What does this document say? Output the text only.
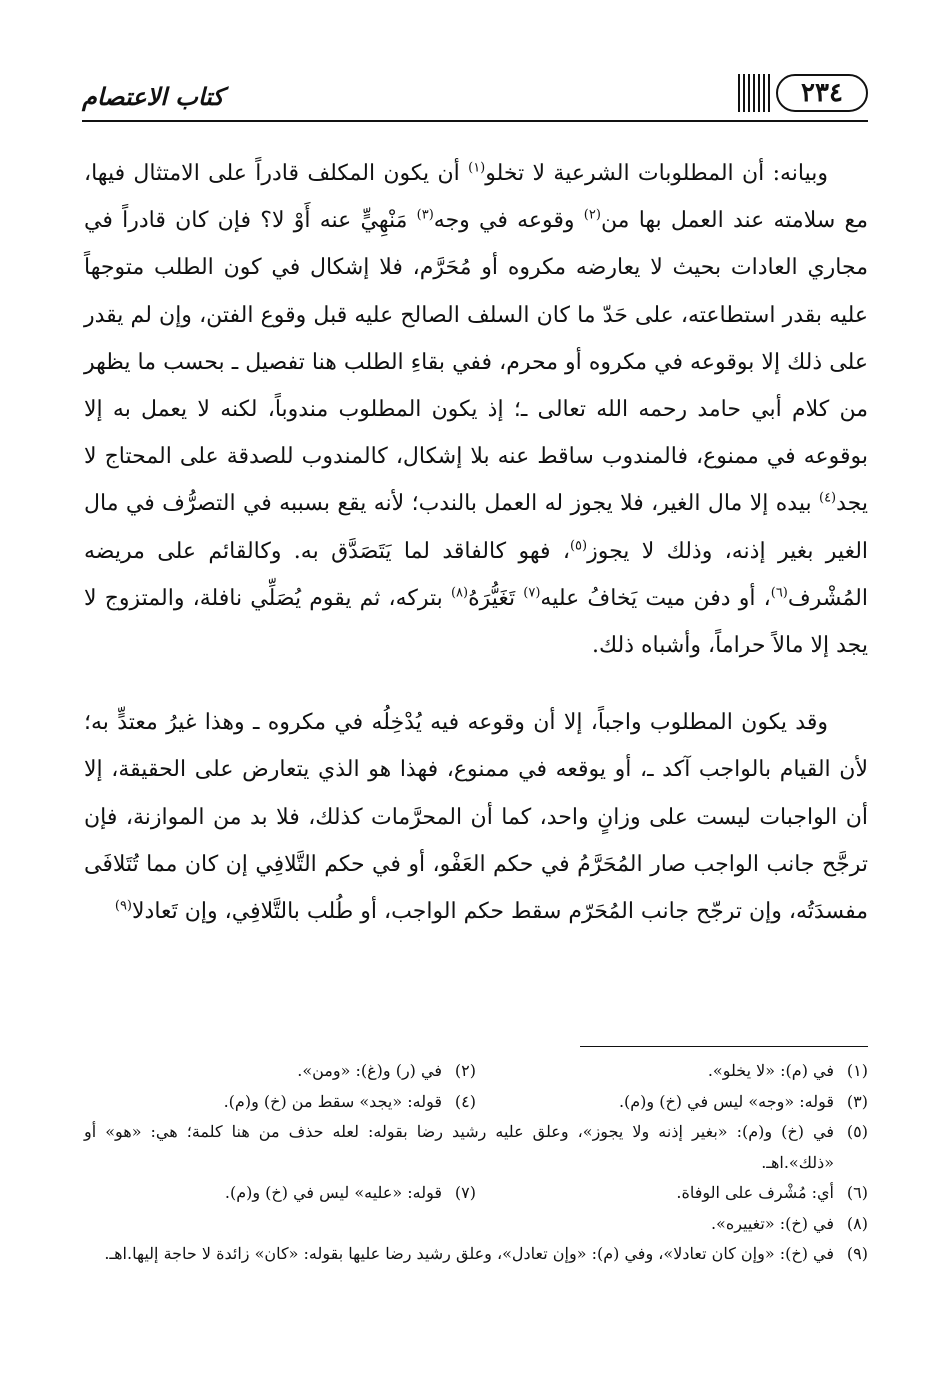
كتاب الاعتصام	٢٣٤

وبيانه: أن المطلوبات الشرعية لا تخلو$^{(١)}$ أن يكون المكلف قادراً على الامتثال فيها، مع سلامته عند العمل بها من$^{(٢)}$ وقوعه في وجه$^{(٣)}$ مَنْهِيٍّ عنه أَوْ لا؟ فإن كان قادراً في مجاري العادات بحيث لا يعارضه مكروه أو مُحَرَّم، فلا إشكال في كون الطلب متوجهاً عليه بقدر استطاعته، على حَدّ ما كان السلف الصالح عليه قبل وقوع الفتن، وإن لم يقدر على ذلك إلا بوقوعه في مكروه أو محرم، ففي بقاءِ الطلب هنا تفصيل ـ بحسب ما يظهر من كلام أبي حامد رحمه الله تعالى ـ؛ إذ يكون المطلوب مندوباً، لكنه لا يعمل به إلا بوقوعه في ممنوع، فالمندوب ساقط عنه بلا إشكال، كالمندوب للصدقة على المحتاج لا يجد$^{(٤)}$ بيده إلا مال الغير، فلا يجوز له العمل بالندب؛ لأنه يقع بسببه في التصرُّف في مال الغير بغير إذنه، وذلك لا يجوز$^{(٥)}$، فهو كالفاقد لما يَتَصَدَّق به. وكالقائم على مريضه المُشْرف$^{(٦)}$، أو دفن ميت يَخافُ عليه$^{(٧)}$ تَغَيُّرَهُ$^{(٨)}$ بتركه، ثم يقوم يُصَلِّي نافلة، والمتزوج لا يجد إلا مالاً حراماً، وأشباه ذلك.

وقد يكون المطلوب واجباً، إلا أن وقوعه فيه يُدْخِلُه في مكروه ـ وهذا غيرُ معتدٍّ به؛ لأن القيام بالواجب آكد ـ، أو يوقعه في ممنوع، فهذا هو الذي يتعارض على الحقيقة، إلا أن الواجبات ليست على وزانٍ واحد، كما أن المحرَّمات كذلك، فلا بد من الموازنة، فإن ترجَّح جانب الواجب صار المُحَرَّمُ في حكم العَفْو، أو في حكم التَّلافِي إن كان مما تُتَلافَى مفسدَتُه، وإن ترجّح جانب المُحَرّم سقط حكم الواجب، أو طُلب بالتَّلافِي، وإن تَعادلا$^{(٩)}$

(١)
في (م): «لا يخلو».
(٢)
في (ر) و(غ): «ومن».
(٣)
قوله: «وجه» ليس في (خ) و(م).
(٤)
قوله: «يجد» سقط من (خ) و(م).
(٥)
في (خ) و(م): «بغير إذنه ولا يجوز»، وعلق عليه رشيد رضا بقوله: لعله حذف من هنا كلمة؛ هي: «هو» أو «ذلك».اهـ.
(٦)
أي: مُشْرف على الوفاة.
(٧)
قوله: «عليه» ليس في (خ) و(م).
(٨)
في (خ): «تغييره».
(٩)
في (خ): «وإن كان تعادلا»، وفي (م): «وإن تعادل»، وعلق رشيد رضا عليها بقوله: «كان» زائدة لا حاجة إليها.اهـ.
